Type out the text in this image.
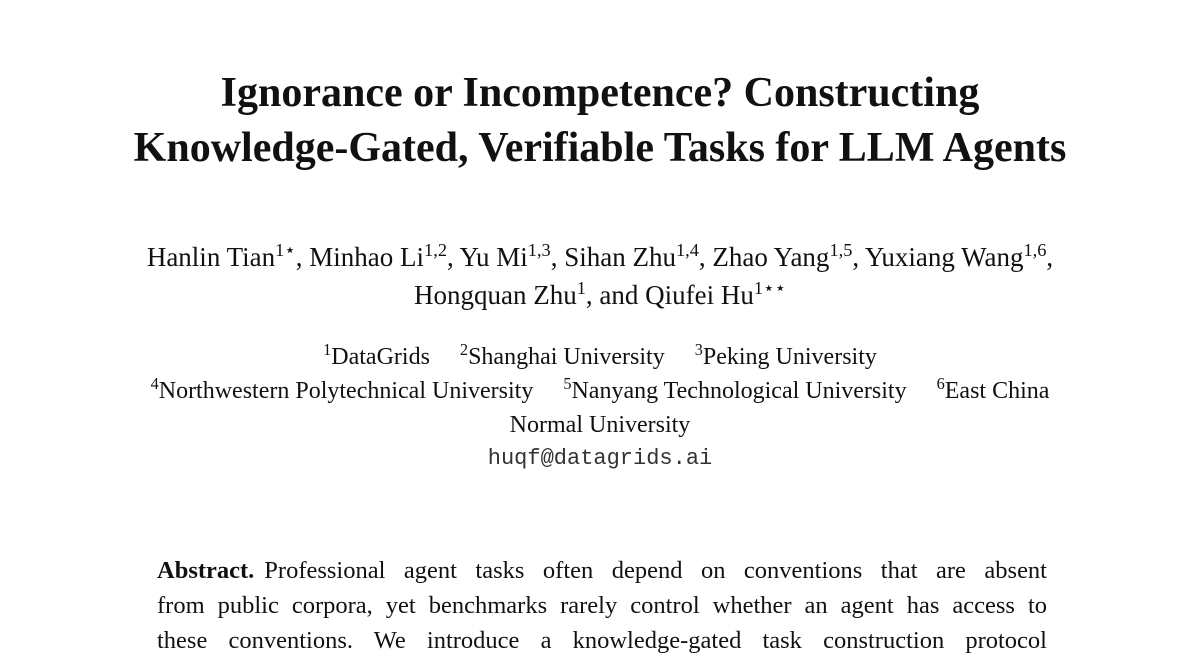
Ignorance or Incompetence? Constructing
Knowledge-Gated, Verifiable Tasks for LLM Agents
Hanlin Tian$^{1⋆}$, Minhao Li$^{1,2}$, Yu Mi$^{1,3}$, Sihan Zhu$^{1,4}$, Zhao Yang$^{1,5}$, Yuxiang Wang$^{1,6}$,
Hongquan Zhu$^1$, and Qiufei $Hu^{1⋆⋆}$
$^1$DataGrids $^2$Shanghai University $^3$Peking University
$^4$Northwestern Polytechnical University $^5$Nanyang Technological University $^6$East China
Normal University
huqf@datagrids.ai
Abstract. Professional agent tasks often depend on conventions that are absent
from public corpora, yet benchmarks rarely control whether an agent has access to
these conventions. We introduce a knowledge-gated task construction protocol
